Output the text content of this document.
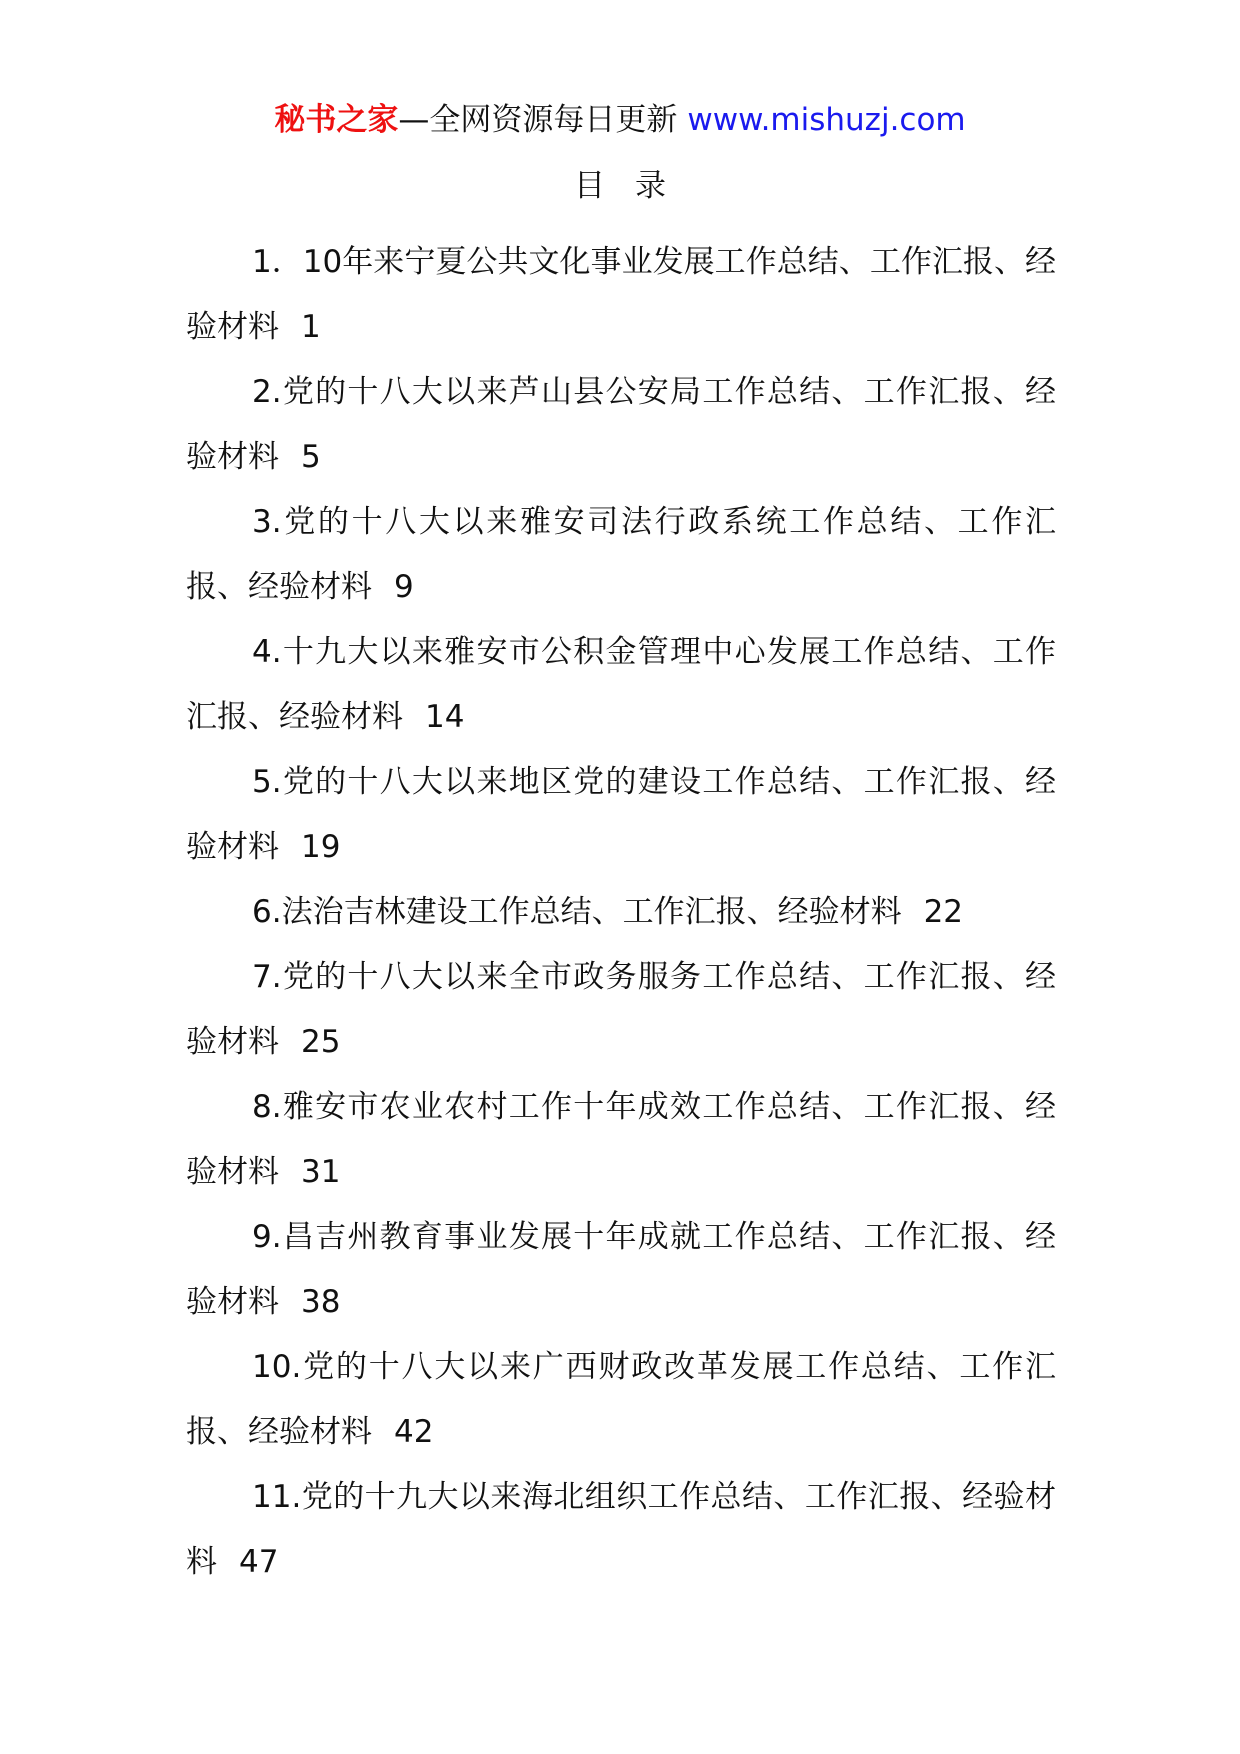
秘书之家—全网资源每日更新 www.mishuzj.com
目录
1．10年来宁夏公共文化事业发展工作总结、工作汇报、经验材料 1
2.党的十八大以来芦山县公安局工作总结、工作汇报、经验材料 5
3.党的十八大以来雅安司法行政系统工作总结、工作汇报、经验材料 9
4.十九大以来雅安市公积金管理中心发展工作总结、工作汇报、经验材料 14
5.党的十八大以来地区党的建设工作总结、工作汇报、经验材料 19
6.法治吉林建设工作总结、工作汇报、经验材料 22
7.党的十八大以来全市政务服务工作总结、工作汇报、经验材料 25
8.雅安市农业农村工作十年成效工作总结、工作汇报、经验材料 31
9.昌吉州教育事业发展十年成就工作总结、工作汇报、经验材料 38
10.党的十八大以来广西财政改革发展工作总结、工作汇报、经验材料 42
11.党的十九大以来海北组织工作总结、工作汇报、经验材料 47
